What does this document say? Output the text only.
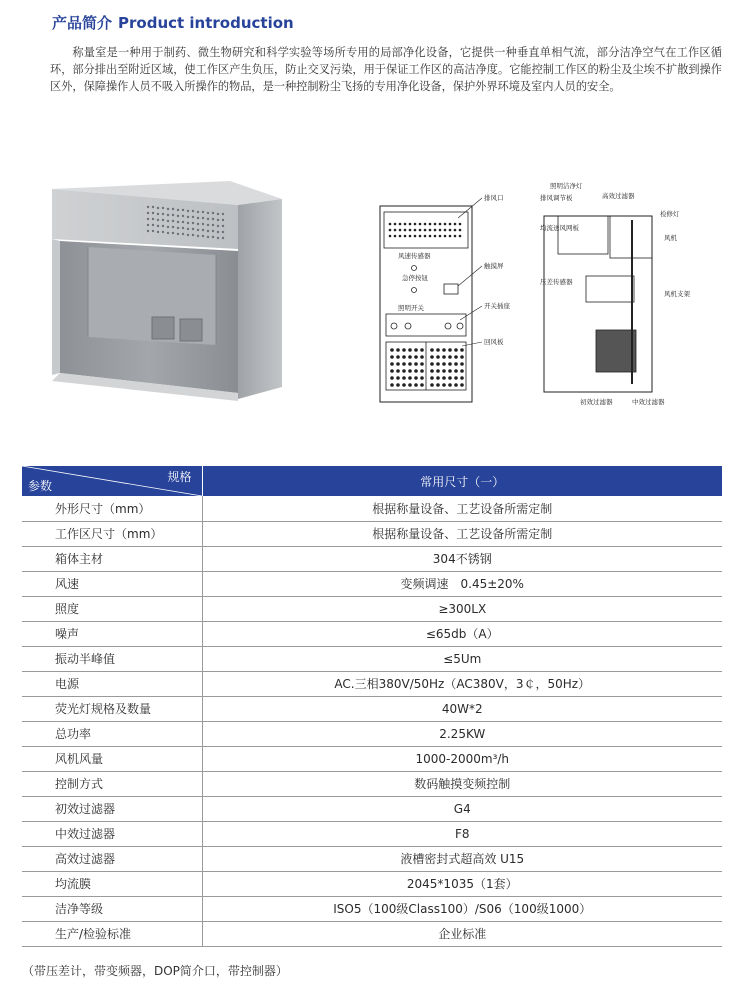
产品简介 Product introduction

称量室是一种用于制药、微生物研究和科学实验等场所专用的局部净化设备，它提供一种垂直单相气流，部分洁净空气在工作区循环，部分排出至附近区域，使工作区产生负压，防止交叉污染，用于保证工作区的高洁净度。它能控制工作区的粉尘及尘埃不扩散到操作区外，保障操作人员不吸入所操作的物品，是一种控制粉尘飞扬的专用净化设备，保护外界环境及室内人员的安全。

排风口
风速传感器
急停按钮
触摸屏
照明开关	开关插座
回风板
照明洁净灯
高效过滤器
排风调节板
均流送风网板
检修灯
风机
压差传感器
风机支架
初效过滤器	中效过滤器
规格
参数	常用尺寸（一）
外形尺寸（mm）	根据称量设备、工艺设备所需定制
工作区尺寸（mm）	根据称量设备、工艺设备所需定制
箱体主材	304不锈钢
风速	变频调速　0.45±20%
照度	≥300LX
噪声	≤65db（A）
振动半峰值	≤5Um
电源	AC.三相380V/50Hz（AC380V，3￠，50Hz）
荧光灯规格及数量	40W*2
总功率	2.25KW
风机风量	1000-2000m³/h
控制方式	数码触摸变频控制
初效过滤器	G4
中效过滤器	F8
高效过滤器	液槽密封式超高效 U15
均流膜	2045*1035（1套）
洁净等级	ISO5（100级Class100）/S06（100级1000）
生产/检验标准	企业标准
（带压差计，带变频器，DOP简介口，带控制器）
